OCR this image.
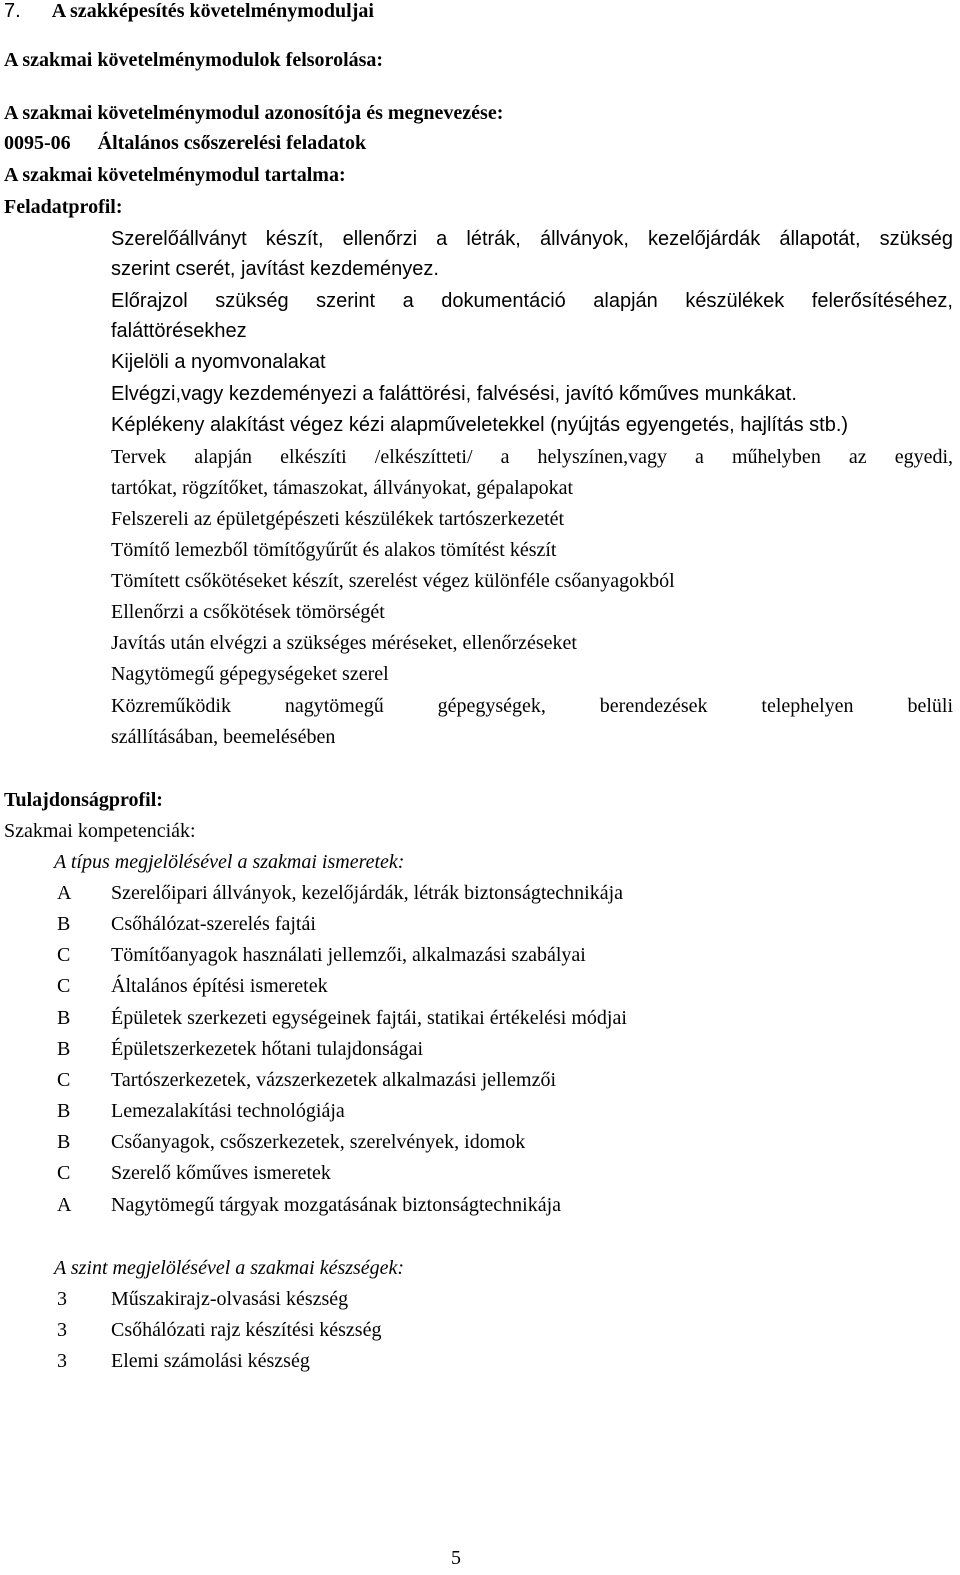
7. A szakképesítés követelménymoduljai
A szakmai követelménymodulok felsorolása:
A szakmai követelménymodul azonosítója és megnevezése:
0095-06 Általános csőszerelési feladatok
A szakmai követelménymodul tartalma:
Feladatprofil:
Szerelőállványt készít, ellenőrzi a létrák, állványok, kezelőjárdák állapotát, szükség
szerint cserét, javítást kezdeményez.
Előrajzol szükség szerint a dokumentáció alapján készülékek felerősítéséhez,
faláttörésekhez
Kijelöli a nyomvonalakat
Elvégzi,vagy kezdeményezi a faláttörési, falvésési, javító kőműves munkákat.
Képlékeny alakítást végez kézi alapműveletekkel (nyújtás egyengetés, hajlítás stb.)
Tervek alapján elkészíti /elkészítteti/ a helyszínen,vagy a műhelyben az egyedi,
tartókat, rögzítőket, támaszokat, állványokat, gépalapokat
Felszereli az épületgépészeti készülékek tartószerkezetét
Tömítő lemezből tömítőgyűrűt és alakos tömítést készít
Tömített csőkötéseket készít, szerelést végez különféle csőanyagokból
Ellenőrzi a csőkötések tömörségét
Javítás után elvégzi a szükséges méréseket, ellenőrzéseket
Nagytömegű gépegységeket szerel
Közreműködik nagytömegű gépegységek, berendezések telephelyen belüli
szállításában, beemelésében
Tulajdonságprofil:
Szakmai kompetenciák:
A típus megjelölésével a szakmai ismeretek:
A Szerelőipari állványok, kezelőjárdák, létrák biztonságtechnikája
B Csőhálózat-szerelés fajtái
C Tömítőanyagok használati jellemzői, alkalmazási szabályai
C Általános építési ismeretek
B Épületek szerkezeti egységeinek fajtái, statikai értékelési módjai
B Épületszerkezetek hőtani tulajdonságai
C Tartószerkezetek, vázszerkezetek alkalmazási jellemzői
B Lemezalakítási technológiája
B Csőanyagok, csőszerkezetek, szerelvények, idomok
C Szerelő kőműves ismeretek
A Nagytömegű tárgyak mozgatásának biztonságtechnikája
A szint megjelölésével a szakmai készségek:
3 Műszakirajz-olvasási készség
3 Csőhálózati rajz készítési készség
3 Elemi számolási készség
5
